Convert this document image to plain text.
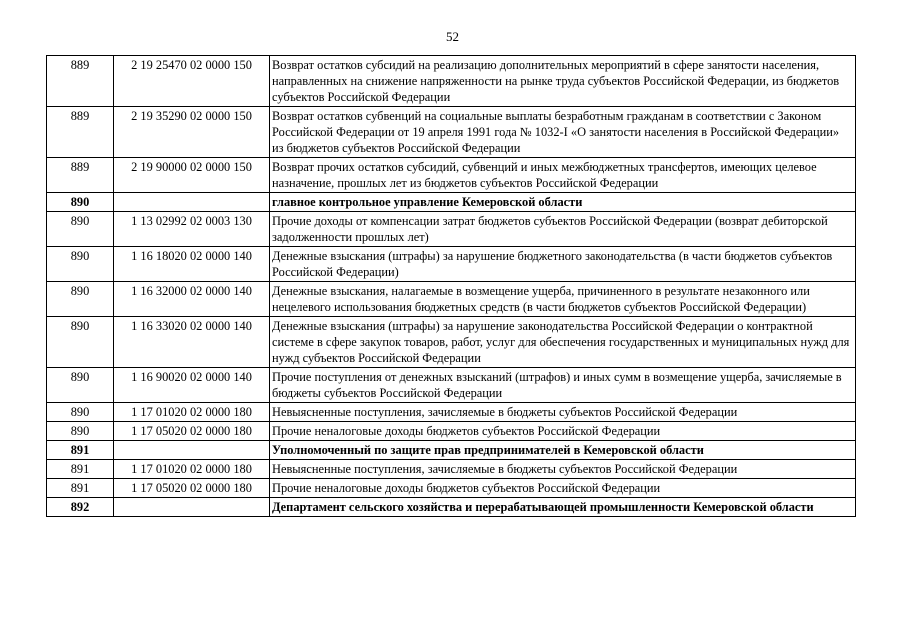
52
889	2 19 25470 02 0000 150	Возврат остатков субсидий на реализацию дополнительных мероприятий в сфере занятости населения, направленных на снижение напряженности на рынке труда субъектов Российской Федерации, из бюджетов субъектов Российской Федерации
889	2 19 35290 02 0000 150	Возврат остатков субвенций на социальные выплаты безработным гражданам в соответствии с Законом Российской Федерации от 19 апреля 1991 года № 1032-I «О занятости населения в Российской Федерации» из бюджетов субъектов Российской Федерации
889	2 19 90000 02 0000 150	Возврат прочих остатков субсидий, субвенций и иных межбюджетных трансфертов, имеющих целевое назначение, прошлых лет из бюджетов субъектов Российской Федерации
890		главное контрольное управление Кемеровской области
890	1 13 02992 02 0003 130	Прочие доходы от компенсации затрат бюджетов субъектов Российской Федерации (возврат дебиторской задолженности прошлых лет)
890	1 16 18020 02 0000 140	Денежные взыскания (штрафы) за нарушение бюджетного законодательства (в части бюджетов субъектов Российской Федерации)
890	1 16 32000 02 0000 140	Денежные взыскания, налагаемые в возмещение ущерба, причиненного в результате незаконного или нецелевого использования бюджетных средств (в части бюджетов субъектов Российской Федерации)
890	1 16 33020 02 0000 140	Денежные взыскания (штрафы) за нарушение законодательства Российской Федерации о контрактной системе в сфере закупок товаров, работ, услуг для обеспечения государственных и муниципальных нужд для нужд субъектов Российской Федерации
890	1 16 90020 02 0000 140	Прочие поступления от денежных взысканий (штрафов) и иных сумм в возмещение ущерба, зачисляемые в бюджеты субъектов Российской Федерации
890	1 17 01020 02 0000 180	Невыясненные поступления, зачисляемые в бюджеты субъектов Российской Федерации
890	1 17 05020 02 0000 180	Прочие неналоговые доходы бюджетов субъектов Российской Федерации
891		Уполномоченный по защите прав предпринимателей в Кемеровской области
891	1 17 01020 02 0000 180	Невыясненные поступления, зачисляемые в бюджеты субъектов Российской Федерации
891	1 17 05020 02 0000 180	Прочие неналоговые доходы бюджетов субъектов Российской Федерации
892		Департамент сельского хозяйства и перерабатывающей промышленности Кемеровской области
